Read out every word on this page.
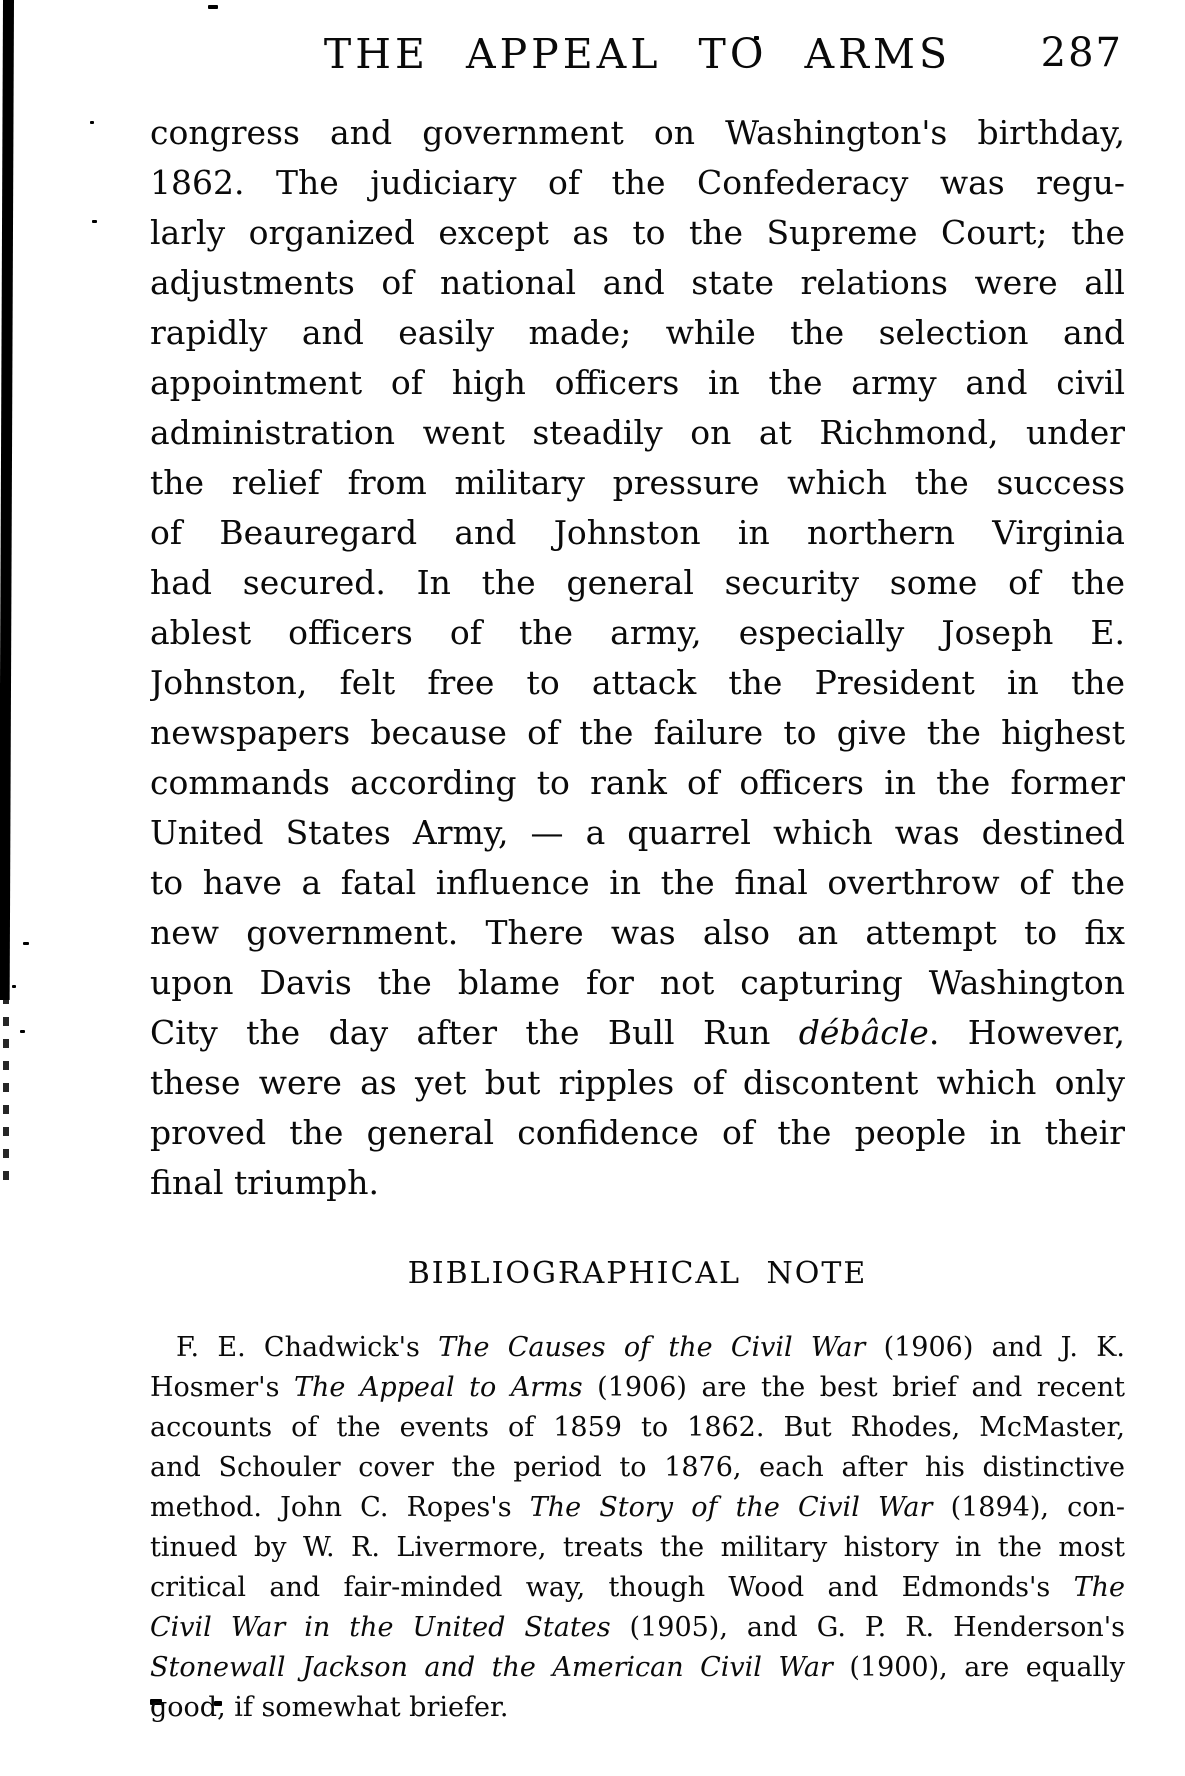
THE APPEAL TO ARMS	287
congress and government on Washington's birthday,
1862. The judiciary of the Confederacy was regu-
larly organized except as to the Supreme Court; the
adjustments of national and state relations were all
rapidly and easily made; while the selection and
appointment of high officers in the army and civil
administration went steadily on at Richmond, under
the relief from military pressure which the success
of Beauregard and Johnston in northern Virginia
had secured. In the general security some of the
ablest officers of the army, especially Joseph E.
Johnston, felt free to attack the President in the
newspapers because of the failure to give the highest
commands according to rank of officers in the former
United States Army, — a quarrel which was destined
to have a fatal influence in the final overthrow of the
new government. There was also an attempt to fix
upon Davis the blame for not capturing Washington
City the day after the Bull Run débâcle. However,
these were as yet but ripples of discontent which only
proved the general confidence of the people in their
final triumph.
BIBLIOGRAPHICAL NOTE
F. E. Chadwick's The Causes of the Civil War (1906) and J. K.
Hosmer's The Appeal to Arms (1906) are the best brief and recent
accounts of the events of 1859 to 1862. But Rhodes, McMaster,
and Schouler cover the period to 1876, each after his distinctive
method. John C. Ropes's The Story of the Civil War (1894), con-
tinued by W. R. Livermore, treats the military history in the most
critical and fair-minded way, though Wood and Edmonds's The
Civil War in the United States (1905), and G. P. R. Henderson's
Stonewall Jackson and the American Civil War (1900), are equally
good, if somewhat briefer.
